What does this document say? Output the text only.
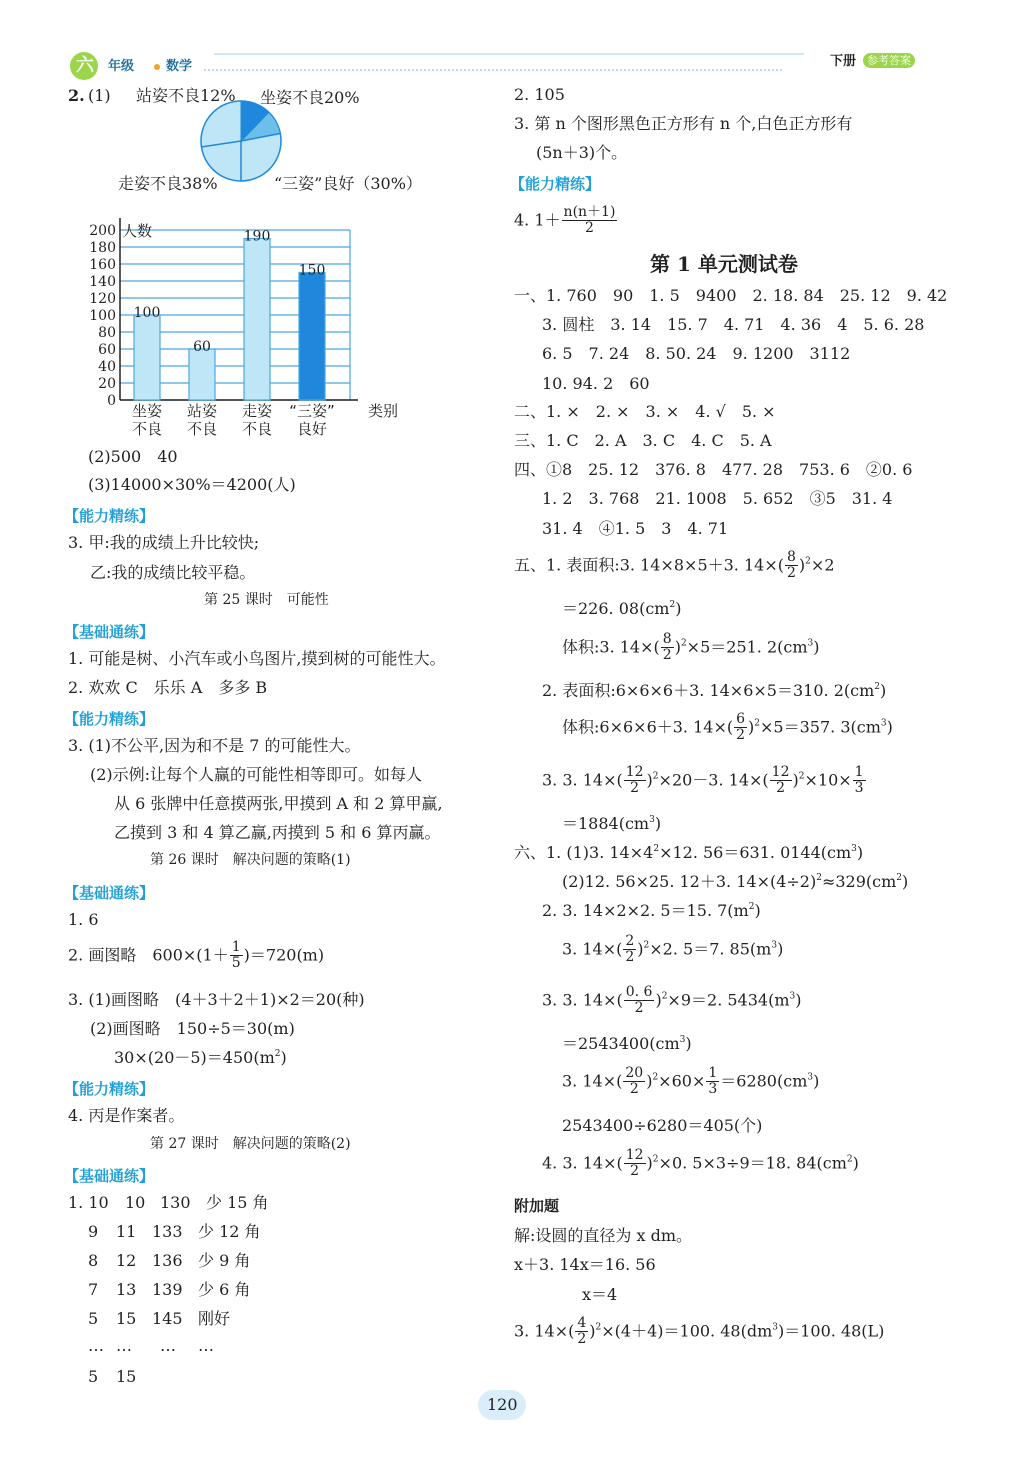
六 年级 数学	下册 参考答案
2. (1) 站姿不良12% 坐姿不良20%
走姿不良38%	“三姿”良好（30%）
0
20
40
60
80
100
120
140
160
180
200 人数
类别
100
坐姿
不良
60
站姿
不良
190
走姿
不良
150
“三姿”
良好
(2)500　40
(3)14000×30%＝4200(人)
【能力精练】
3. 甲:我的成绩上升比较快;
乙:我的成绩比较平稳。
第 25 课时　可能性
【基础通练】
1. 可能是树、小汽车或小鸟图片,摸到树的可能性大。
2. 欢欢 C　乐乐 A　多多 B
【能力精练】
3. (1)不公平,因为和不是 7 的可能性大。
(2)示例:让每个人赢的可能性相等即可。如每人
从 6 张牌中任意摸两张,甲摸到 A 和 2 算甲赢,
乙摸到 3 和 4 算乙赢,丙摸到 5 和 6 算丙赢。
第 26 课时　解决问题的策略(1)
【基础通练】
1. 6
2. 画图略　$600\times(1+ \frac{1}{5} )=720(m)$
3. (1)画图略　(4＋3＋2＋1)×2＝20(种)
(2)画图略　150÷5＝30(m)
$30\times(20-5)=450(m^2)$
【能力精练】
4. 丙是作案者。
第 27 课时　解决问题的策略(2)
【基础通练】
1. 10 10 130 少 15 角
9 11 133 少 12 角
8 12 136 少 9 角
7 13 139 少 6 角
5 15 145 刚好
… … … …
5 15
2. 105
3. 第 n 个图形黑色正方形有 n 个,白色正方形有
(5n＋3)个。
【能力精练】
4. $1+ \frac{n(n+1)}{2}$
第 1 单元测试卷
一、1. 760　90　1. 5　9400　2. 18. 84　25. 12　9. 42
3. 圆柱　3. 14　15. 7　4. 71　4. 36　4　5. 6. 28
6. 5　7. 24　8. 50. 24　9. 1200　3112
10. 94. 2　60
二、1. ×　2. ×　3. ×　4. √　5. ×
三、1. C　2. A　3. C　4. C　5. A
四、①8　25. 12　376. 8　477. 28　753. 6　②0. 6
1. 2　3. 768　21. 1008　5. 652　③5　31. 4
31. 4　④1. 5　3　4. 71
五、1. 表面积:3. 14×8×5＋3. $14\times( \frac{8}{2} )^2\times 2$
＝226. $08(cm^2)$
体积:3. $14\times( \frac{8}{2} )^2\times 5=251$. $2(cm^3)$
2. 表面积:6×6×6＋3. 14×6×5＝310. $2(cm^2)$
体积:6×6×6＋3. $14\times( \frac{6}{2} )^2\times 5=357$. $3(cm^3)$
3. 3. $14\times( \frac{12}{2} )^2\times 20-3$. $14\times( \frac{12}{2} )^2\times 10\times \frac{1}{3}$
$=1884(cm^3)$
六、1. (1)3. $14\times 4^2\times 12$. 56＝631. $0144(cm^3)$
(2)12. 56×25. 12＋3. $14\times(4\div 2)^2\approx 329(cm^2)$
2. 3. 14×2×2. 5＝15. $7(m^2)$
3. $14\times( \frac{2}{2} )^2\times 2$. 5＝7. $85(m^3)$
3. 3. $14\times( \frac{0. 6}{2} )^2\times 9=2$. $5434(m^3)$
$=2543400(cm^3)$
3. $14\times( \frac{20}{2} )^2\times 60\times \frac{1}{3} =6280(cm^3)$
2543400÷6280＝405(个)
4. 3. $14\times( \frac{12}{2} )^2\times 0$. 5×3÷9＝18. $84(cm^2)$
附加题
解:设圆的直径为 x dm。
x＋3. 14x＝16. 56
x＝4
3. $14\times( \frac{4}{2} )^2\times(4+4)=100$. $48(dm^3)=100$. 48(L)
120
